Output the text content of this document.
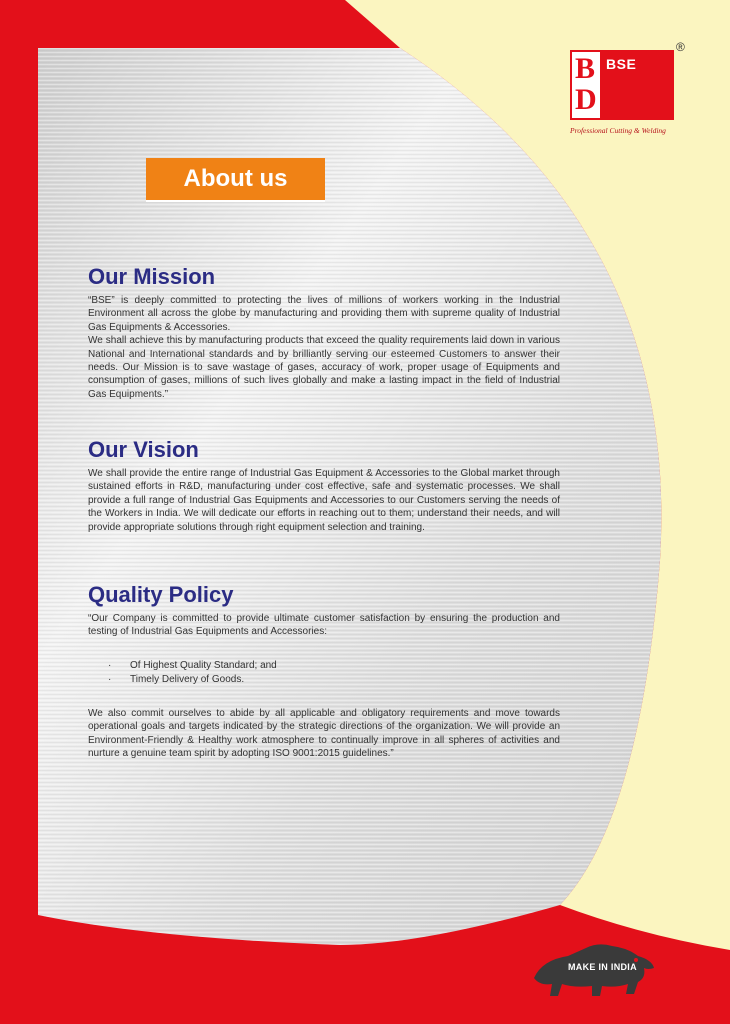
B
D
BSE
®
Professional Cutting & Welding
About us
Our Mission

“BSE” is deeply committed to protecting the lives of millions of workers working in the Industrial Environment all across the globe by manufacturing and providing them with supreme quality of Industrial Gas Equipments & Accessories.

We shall achieve this by manufacturing products that exceed the quality requirements laid down in various National and International standards and by brilliantly serving our esteemed Customers to answer their needs. Our Mission is to save wastage of gases, accuracy of work, proper usage of Equipments and consumption of gases, millions of such lives globally and make a lasting impact in the field of Industrial Gas Equipments.”

Our Vision

We shall provide the entire range of Industrial Gas Equipment & Accessories to the Global market through sustained efforts in R&D, manufacturing under cost effective, safe and systematic processes. We shall provide a full range of Industrial Gas Equipments and Accessories to our Customers serving the needs of the Workers in India. We will dedicate our efforts in reaching out to them; understand their needs, and will provide appropriate solutions through right equipment selection and training.

Quality Policy

“Our Company is committed to provide ultimate customer satisfaction by ensuring the production and testing of Industrial Gas Equipments and Accessories:

· Of Highest Quality Standard; and
· Timely Delivery of Goods.

We also commit ourselves to abide by all applicable and obligatory requirements and move towards operational goals and targets indicated by the strategic directions of the organization. We will provide an Environment-Friendly & Healthy work atmosphere to continually improve in all spheres of activities and nurture a genuine team spirit by adopting ISO 9001:2015 guidelines.”

MAKE IN INDIA
